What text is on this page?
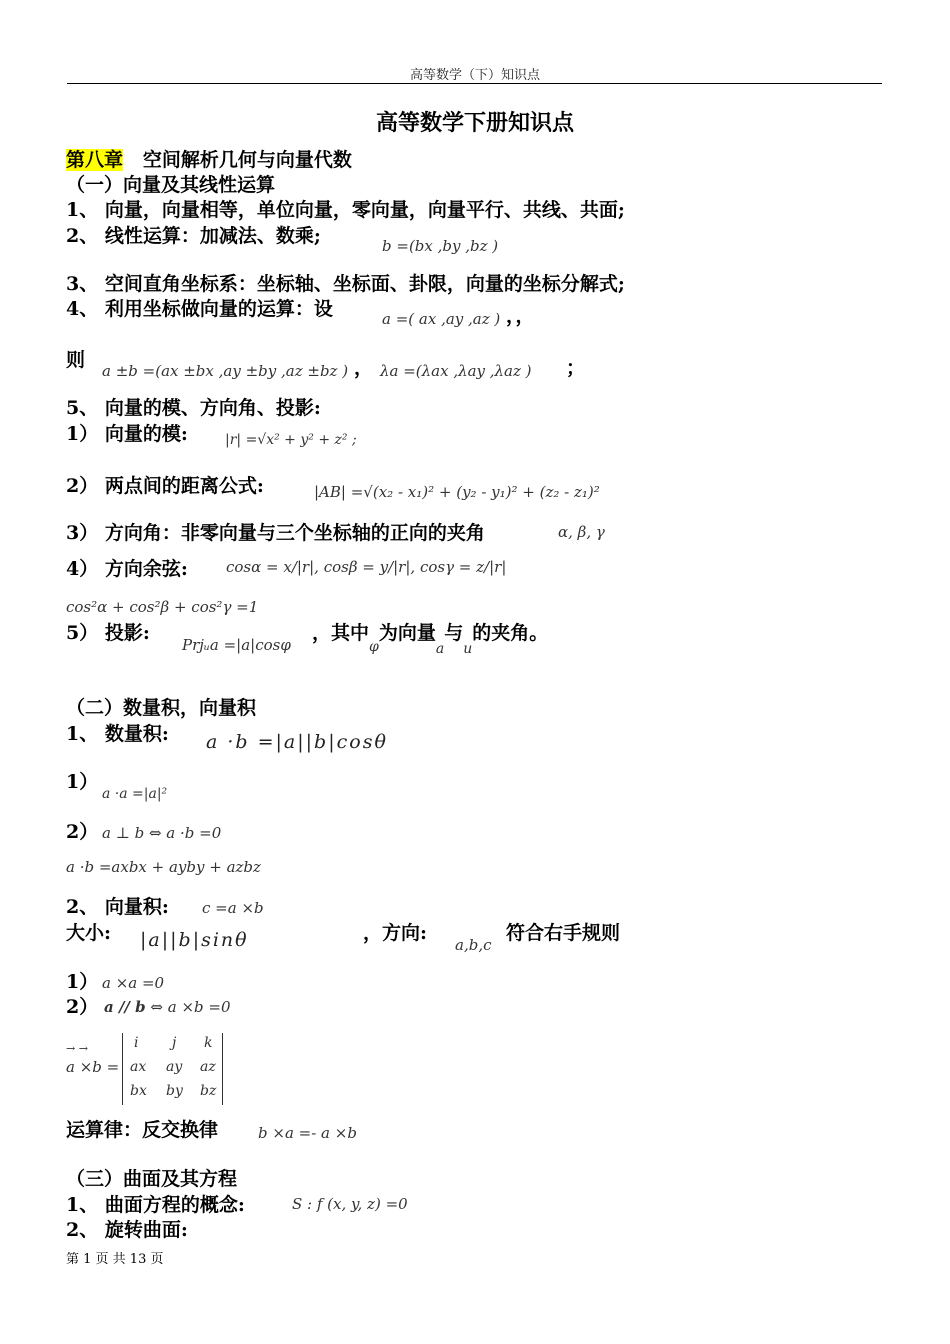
高等数学（下）知识点
高等数学下册知识点
第八章 空间解析几何与向量代数
（一）向量及其线性运算
1、 向量，向量相等，单位向量，零向量，向量平行、共线、共面;
2、 线性运算：加减法、数乘;	b =(bx ,by ,bz )
3、 空间直角坐标系：坐标轴、坐标面、卦限，向量的坐标分解式;
4、 利用坐标做向量的运算：设	a =( ax ,ay ,az ) ，，
则 a ±b =(ax ±bx ,ay ±by ,az ±bz ) ， λa =(λax ,λay ,λaz ) ；
5、 向量的模、方向角、投影:
1） 向量的模:	|r| =√x² + y² + z² ;
2） 两点间的距离公式:	|AB| =√(x₂ - x₁)² + (y₂ - y₁)² + (z₂ - z₁)²
3） 方向角：非零向量与三个坐标轴的正向的夹角	α, β, γ
4） 方向余弦:	cosα = x/|r|, cosβ = y/|r|, cosγ = z/|r|
cos²α + cos²β + cos²γ =1
5） 投影:
Prjᵤa =|a|cosφ
，其中$_\varphi$为向量$_a$与$_u$的夹角。
（二）数量积，向量积
1、 数量积: a ·b =|a||b|cosθ
1）
a ·a =|a|²
2） a ⊥ b ⇔ a ·b =0
a ·b =axbx + ayby + azbz
2、 向量积: c =a ×b
大小: |a||b|sinθ	，方向:
a,b,c
符合右手规则
1） a ×a =0
2） a // b ⇔ a ×b =0
→ →
a ×b =
i j k
ax ay az
bx by bz
运算律：反交换律	b ×a =- a ×b
（三）曲面及其方程
1、 曲面方程的概念:	S : f (x, y, z) =0
2、 旋转曲面:
第 1 页 共 13 页
